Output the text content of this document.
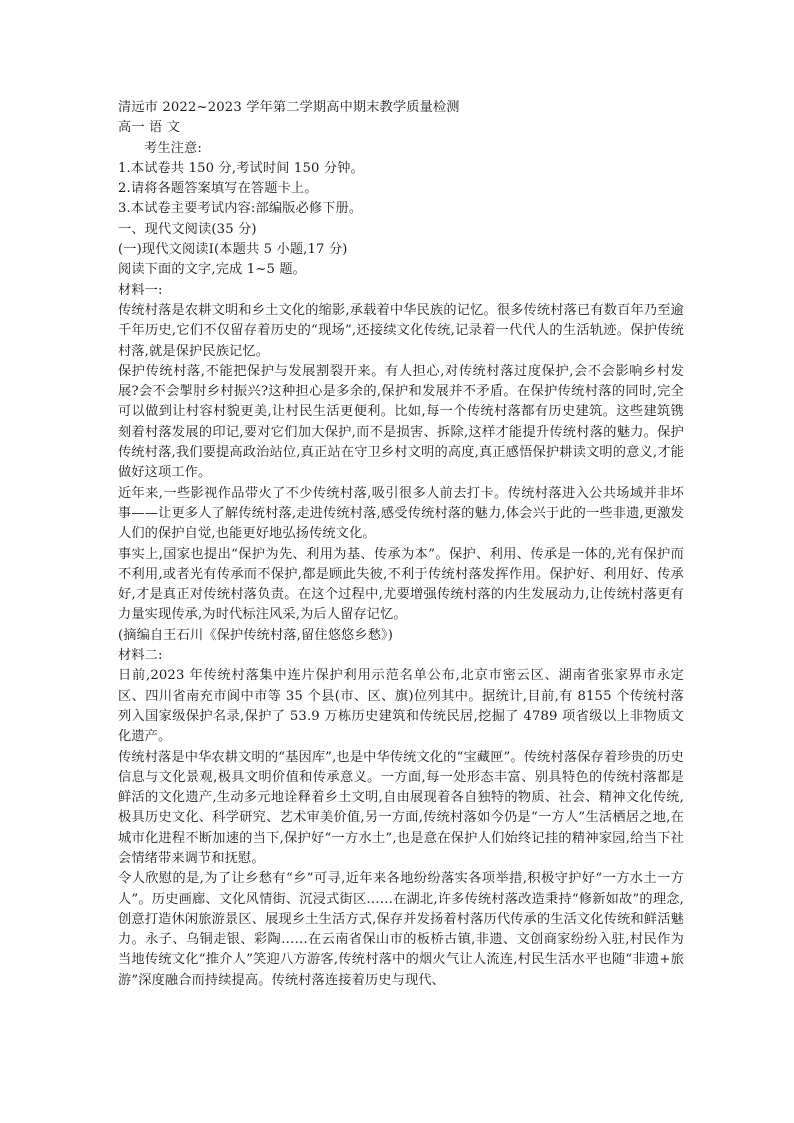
清远市 2022~2023 学年第二学期高中期末教学质量检测
高一 语 文
考生注意:
1.本试卷共 150 分,考试时间 150 分钟。
2.请将各题答案填写在答题卡上。
3.本试卷主要考试内容:部编版必修下册。
一、现代文阅读(35 分)
(一)现代文阅读Ⅰ(本题共 5 小题,17 分)
阅读下面的文字,完成 1~5 题。
材料一:
传统村落是农耕文明和乡土文化的缩影,承载着中华民族的记忆。很多传统村落已有数百年乃至逾千年历史,它们不仅留存着历史的“现场”,还接续文化传统,记录着一代代人的生活轨迹。保护传统村落,就是保护民族记忆。
保护传统村落,不能把保护与发展割裂开来。有人担心,对传统村落过度保护,会不会影响乡村发展?会不会掣肘乡村振兴?这种担心是多余的,保护和发展并不矛盾。在保护传统村落的同时,完全可以做到让村容村貌更美,让村民生活更便利。比如,每一个传统村落都有历史建筑。这些建筑镌刻着村落发展的印记,要对它们加大保护,而不是损害、拆除,这样才能提升传统村落的魅力。保护传统村落,我们要提高政治站位,真正站在守卫乡村文明的高度,真正感悟保护耕读文明的意义,才能做好这项工作。
近年来,一些影视作品带火了不少传统村落,吸引很多人前去打卡。传统村落进入公共场域并非坏事——让更多人了解传统村落,走进传统村落,感受传统村落的魅力,体会兴于此的一些非遗,更激发人们的保护自觉,也能更好地弘扬传统文化。
事实上,国家也提出“保护为先、利用为基、传承为本”。保护、利用、传承是一体的,光有保护而不利用,或者光有传承而不保护,都是顾此失彼,不利于传统村落发挥作用。保护好、利用好、传承好,才是真正对传统村落负责。在这个过程中,尤要增强传统村落的内生发展动力,让传统村落更有力量实现传承,为时代标注风采,为后人留存记忆。
(摘编自王石川《保护传统村落,留住悠悠乡愁》)
材料二:
日前,2023 年传统村落集中连片保护利用示范名单公布,北京市密云区、湖南省张家界市永定区、四川省南充市阆中市等 35 个县(市、区、旗)位列其中。据统计,目前,有 8155 个传统村落列入国家级保护名录,保护了 53.9 万栋历史建筑和传统民居,挖掘了 4789 项省级以上非物质文化遗产。
传统村落是中华农耕文明的“基因库”,也是中华传统文化的“宝藏匣”。传统村落保存着珍贵的历史信息与文化景观,极具文明价值和传承意义。一方面,每一处形态丰富、别具特色的传统村落都是鲜活的文化遗产,生动多元地诠释着乡土文明,自由展现着各自独特的物质、社会、精神文化传统,极具历史文化、科学研究、艺术审美价值,另一方面,传统村落如今仍是“一方人”生活栖居之地,在城市化进程不断加速的当下,保护好“一方水土”,也是意在保护人们始终记挂的精神家园,给当下社会情绪带来调节和抚慰。
令人欣慰的是,为了让乡愁有“乡”可寻,近年来各地纷纷落实各项举措,积极守护好“一方水土一方人”。历史画廊、文化风情街、沉浸式街区……在湖北,许多传统村落改造秉持“修新如故”的理念,创意打造休闲旅游景区、展现乡土生活方式,保存并发扬着村落历代传承的生活文化传统和鲜活魅力。永子、乌铜走银、彩陶……在云南省保山市的板桥古镇,非遗、文创商家纷纷入驻,村民作为当地传统文化“推介人”笑迎八方游客,传统村落中的烟火气让人流连,村民生活水平也随“非遗+旅游”深度融合而持续提高。传统村落连接着历史与现代、
